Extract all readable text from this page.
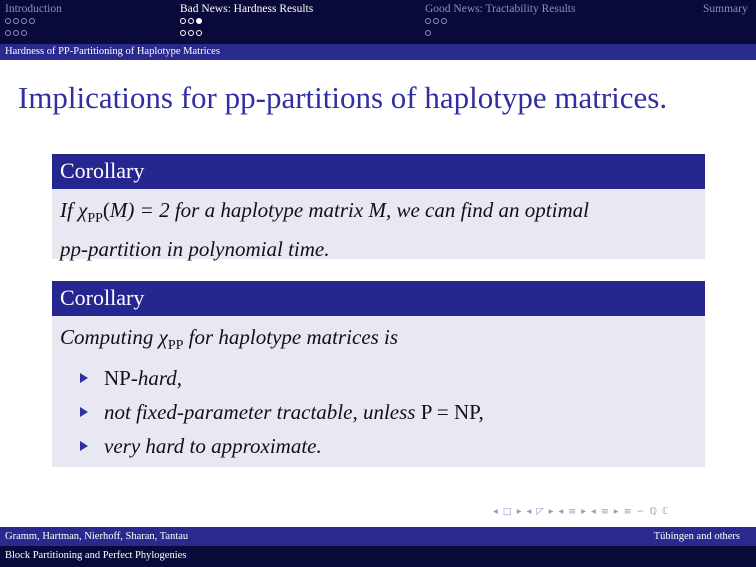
Introduction	Bad News: Hardness Results	Good News: Tractability Results	Summary
Hardness of PP-Partitioning of Haplotype Matrices
Implications for pp-partitions of haplotype matrices.
Corollary
If $\chi_{PP}(M) = 2$ for a haplotype matrix M, we can find an optimal
pp-partition in polynomial time.
Corollary
Computing $\chi_{PP}$ for haplotype matrices is
NP-hard,
not fixed-parameter tractable, unless P = NP,
very hard to approximate.
◂ □ ▸ ◂ ◸ ▸ ◂ ≡ ▸ ◂ ≡ ▸ ≡ ∽ ℚ ℂ
Gramm, Hartman, Nierhoff, Sharan, Tantau	Tübingen and others
Block Partitioning and Perfect Phylogenies
